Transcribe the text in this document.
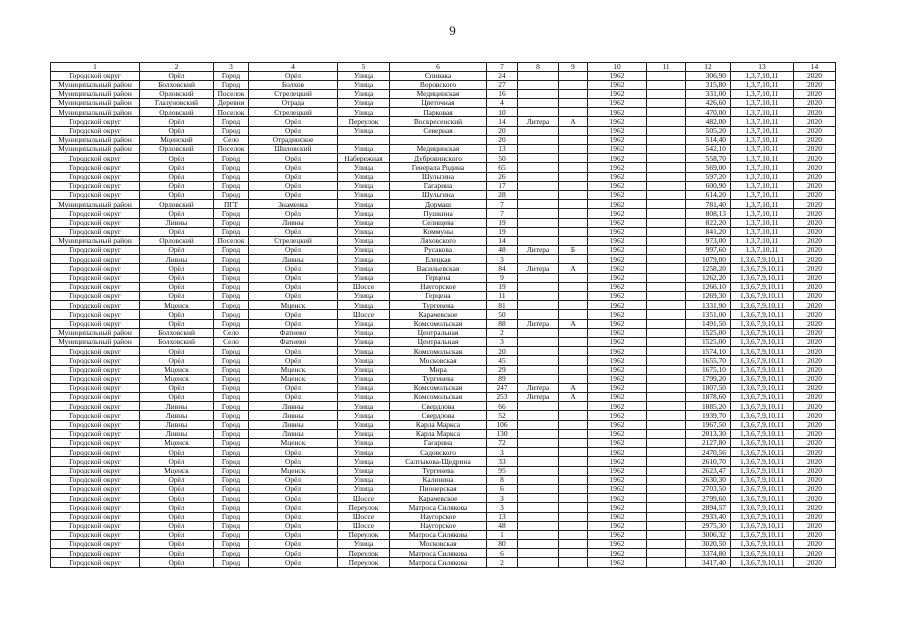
9
1	2	3	4	5	6	7	8	9	10	11	12	13	14
Городской округ	Орёл	Город	Орёл	Улица	Спивака	24			1962		306,90	1,3,7,10,11	2020
Муниципальный район	Болховский	Город	Болхов	Улица	Воровского	27			1962		315,80	1,3,7,10,11	2020
Муниципальный район	Орловский	Поселок	Стрелецкий	Улица	Медицинская	16			1962		331,00	1,3,7,10,11	2020
Муниципальный район	Глазуновский	Деревня	Отрада	Улица	Цветочная	4			1962		426,60	1,3,7,10,11	2020
Муниципальный район	Орловский	Поселок	Стрелецкий	Улица	Парковая	10			1962		470,00	1,3,7,10,11	2020
Городской округ	Орёл	Город	Орёл	Переулок	Воскресенский	14	Литера	А	1962		482,00	1,3,7,10,11	2020
Городской округ	Орёл	Город	Орёл	Улица	Северная	20			1962		505,20	1,3,7,10,11	2020
Муниципальный район	Мценский	Село	Отрадинское			20			1962		514,40	1,3,7,10,11	2020
Муниципальный район	Орловский	Поселок	Шиловский	Улица	Медицинская	13			1962		542,10	1,3,7,10,11	2020
Городской округ	Орёл	Город	Орёл	Набережная	Дубровинского	50			1962		558,70	1,3,7,10,11	2020
Городской округ	Орёл	Город	Орёл	Улица	Генерала Родина	65			1962		569,00	1,3,7,10,11	2020
Городской округ	Орёл	Город	Орёл	Улица	Шульгина	26			1962		597,20	1,3,7,10,11	2020
Городской округ	Орёл	Город	Орёл	Улица	Гагарина	17			1962		600,90	1,3,7,10,11	2020
Городской округ	Орёл	Город	Орёл	Улица	Шульгина	28			1962		614,20	1,3,7,10,11	2020
Муниципальный район	Орловский	ПГТ	Знаменка	Улица	Дормаш	7			1962		781,40	1,3,7,10,11	2020
Городской округ	Орёл	Город	Орёл	Улица	Пушкина	7			1962		808,13	1,3,7,10,11	2020
Городской округ	Ливны	Город	Ливны	Улица	Селищева	19			1962		822,20	1,3,7,10,11	2020
Городской округ	Орёл	Город	Орёл	Улица	Коммуны	19			1962		841,20	1,3,7,10,11	2020
Муниципальный район	Орловский	Поселок	Стрелецкий	Улица	Ляховского	14			1962		973,00	1,3,7,10,11	2020
Городской округ	Орёл	Город	Орёл	Улица	Русакова	48	Литера	Б	1962		997,60	1,3,7,10,11	2020
Городской округ	Ливны	Город	Ливны	Улица	Елецкая	3			1962		1079,00	1,3,6,7,9,10,11	2020
Городской округ	Орёл	Город	Орёл	Улица	Васильевская	84	Литера	А	1962		1258,20	1,3,6,7,9,10,11	2020
Городской округ	Орёл	Город	Орёл	Улица	Герцена	9			1962		1262,20	1,3,6,7,9,10,11	2020
Городской округ	Орёл	Город	Орёл	Шоссе	Наугорское	19			1962		1266,10	1,3,6,7,9,10,11	2020
Городской округ	Орёл	Город	Орёл	Улица	Герцена	11			1962		1269,30	1,3,6,7,9,10,11	2020
Городской округ	Мценск	Город	Мценск	Улица	Тургенева	81			1962		1331,90	1,3,6,7,9,10,11	2020
Городской округ	Орёл	Город	Орёл	Шоссе	Карачевское	50			1962		1351,00	1,3,6,7,9,10,11	2020
Городской округ	Орёл	Город	Орёл	Улица	Комсомольская	88	Литера	А	1962		1491,50	1,3,6,7,9,10,11	2020
Муниципальный район	Болховский	Село	Фатнево	Улица	Центральная	2			1962		1525,00	1,3,6,7,9,10,11	2020
Муниципальный район	Болховский	Село	Фатнево	Улица	Центральная	3			1962		1525,00	1,3,6,7,9,10,11	2020
Городской округ	Орёл	Город	Орёл	Улица	Комсомольская	20			1962		1574,10	1,3,6,7,9,10,11	2020
Городской округ	Орёл	Город	Орёл	Улица	Московская	45			1962		1655,70	1,3,6,7,9,10,11	2020
Городской округ	Мценск	Город	Мценск	Улица	Мира	29			1962		1675,10	1,3,6,7,9,10,11	2020
Городской округ	Мценск	Город	Мценск	Улица	Тургенева	89			1962		1799,20	1,3,6,7,9,10,11	2020
Городской округ	Орёл	Город	Орёл	Улица	Комсомольская	247	Литера	А	1962		1807,50	1,3,6,7,9,10,11	2020
Городской округ	Орёл	Город	Орёл	Улица	Комсомольская	253	Литера	А	1962		1878,60	1,3,6,7,9,10,11	2020
Городской округ	Ливны	Город	Ливны	Улица	Свердлова	66			1962		1885,20	1,3,6,7,9,10,11	2020
Городской округ	Ливны	Город	Ливны	Улица	Свердлова	52			1962		1939,70	1,3,6,7,9,10,11	2020
Городской округ	Ливны	Город	Ливны	Улица	Карла Маркса	106			1962		1967,50	1,3,6,7,9,10,11	2020
Городской округ	Ливны	Город	Ливны	Улица	Карла Маркса	130			1962		2013,30	1,3,6,7,9,10,11	2020
Городской округ	Мценск	Город	Мценск	Улица	Гагарина	72			1962		2127,80	1,3,6,7,9,10,11	2020
Городской округ	Орёл	Город	Орёл	Улица	Садовского	3			1962		2470,56	1,3,6,7,9,10,11	2020
Городской округ	Орёл	Город	Орёл	Улица	Салтыкова-Щедрина	33			1962		2610,70	1,3,6,7,9,10,11	2020
Городской округ	Мценск	Город	Мценск	Улица	Тургенева	95			1962		2623,47	1,3,6,7,9,10,11	2020
Городской округ	Орёл	Город	Орёл	Улица	Калинина	8			1962		2630,30	1,3,6,7,9,10,11	2020
Городской округ	Орёл	Город	Орёл	Улица	Пионерская	6			1962		2703,50	1,3,6,7,9,10,11	2020
Городской округ	Орёл	Город	Орёл	Шоссе	Карачевское	3			1962		2799,60	1,3,6,7,9,10,11	2020
Городской округ	Орёл	Город	Орёл	Переулок	Матроса Силякова	3			1962		2894,57	1,3,6,7,9,10,11	2020
Городской округ	Орёл	Город	Орёл	Шоссе	Наугорское	13			1962		2933,40	1,3,6,7,9,10,11	2020
Городской округ	Орёл	Город	Орёл	Шоссе	Наугорское	48			1962		2975,30	1,3,6,7,9,10,11	2020
Городской округ	Орёл	Город	Орёл	Переулок	Матроса Силякова	1			1962		3006,32	1,3,6,7,9,10,11	2020
Городской округ	Орёл	Город	Орёл	Улица	Московская	80			1962		3020,50	1,3,6,7,9,10,11	2020
Городской округ	Орёл	Город	Орёл	Переулок	Матроса Силякова	6			1962		3374,80	1,3,6,7,9,10,11	2020
Городской округ	Орёл	Город	Орёл	Переулок	Матроса Силякова	2			1962		3417,40	1,3,6,7,9,10,11	2020
